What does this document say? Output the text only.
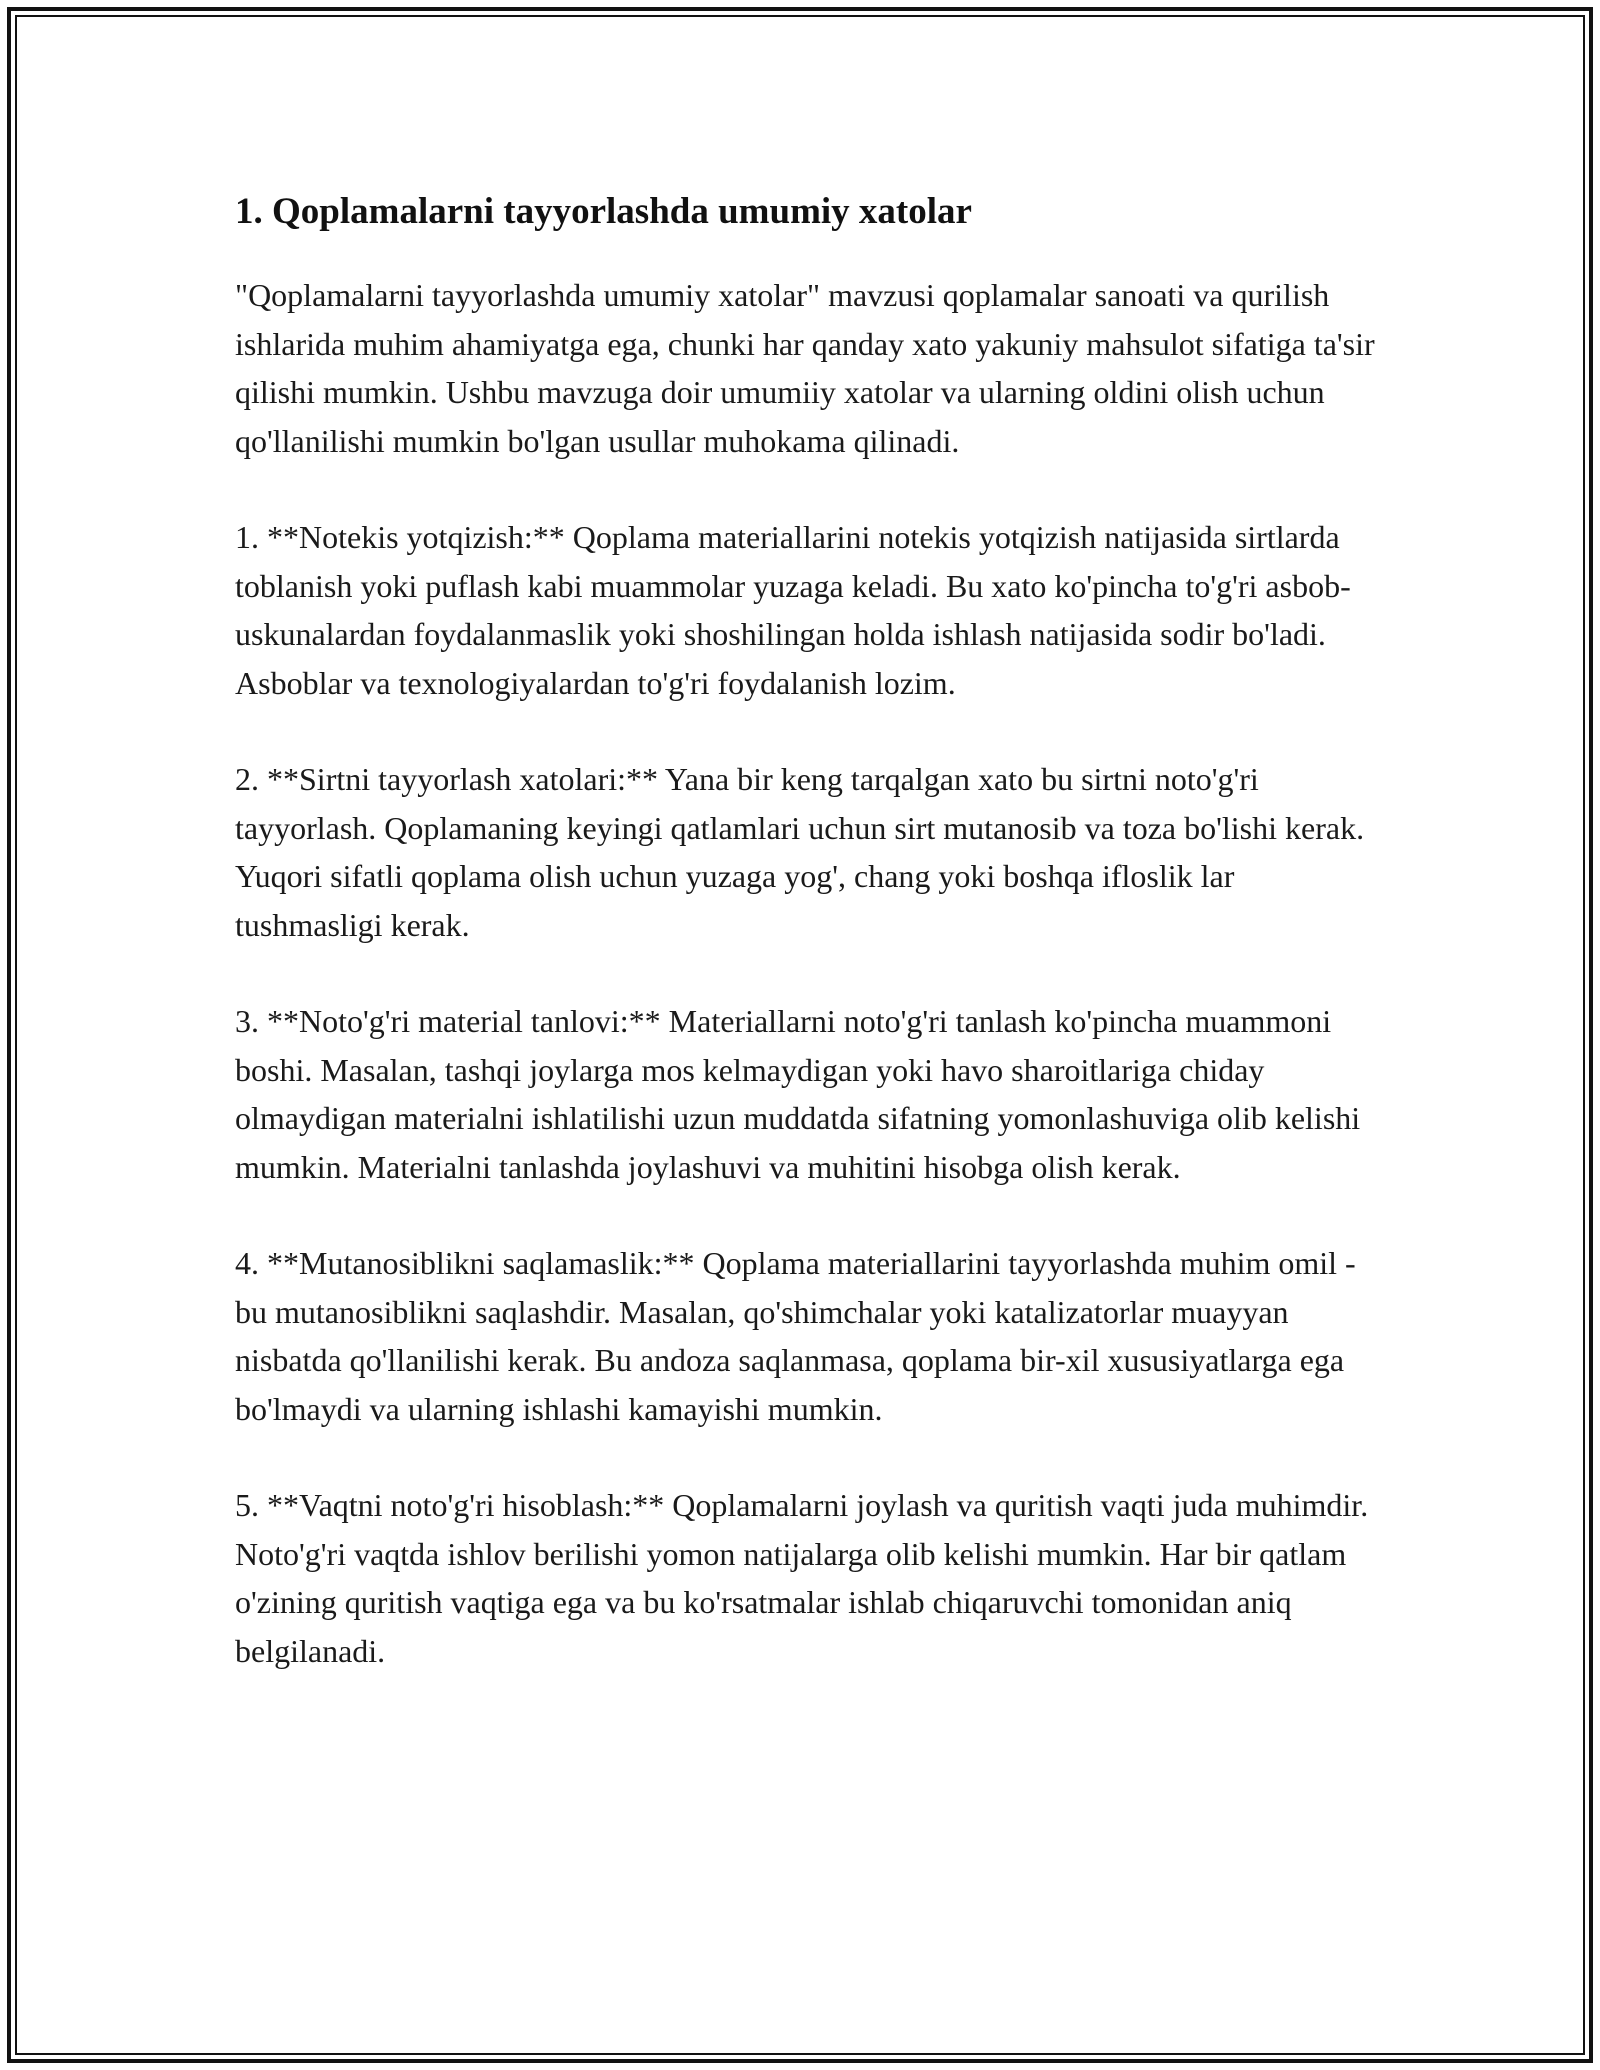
1. Qoplamalarni tayyorlashda umumiy xatolar

"Qoplamalarni tayyorlashda umumiy xatolar" mavzusi qoplamalar sanoati va qurilish ishlarida muhim ahamiyatga ega, chunki har qanday xato yakuniy mahsulot sifatiga ta'sir qilishi mumkin. Ushbu mavzuga doir umumiiy xatolar va ularning oldini olish uchun qo'llanilishi mumkin bo'lgan usullar muhokama qilinadi.

1. **Notekis yotqizish:** Qoplama materiallarini notekis yotqizish natijasida sirtlarda toblanish yoki puflash kabi muammolar yuzaga keladi. Bu xato ko'pincha to'g'ri asbob-uskunalardan foydalanmaslik yoki shoshilingan holda ishlash natijasida sodir bo'ladi. Asboblar va texnologiyalardan to'g'ri foydalanish lozim.

2. **Sirtni tayyorlash xatolari:** Yana bir keng tarqalgan xato bu sirtni noto'g'ri tayyorlash. Qoplamaning keyingi qatlamlari uchun sirt mutanosib va toza bo'lishi kerak. Yuqori sifatli qoplama olish uchun yuzaga yog', chang yoki boshqa ifloslik lar tushmasligi kerak.

3. **Noto'g'ri material tanlovi:** Materiallarni noto'g'ri tanlash ko'pincha muammoni boshi. Masalan, tashqi joylarga mos kelmaydigan yoki havo sharoitlariga chiday olmaydigan materialni ishlatilishi uzun muddatda sifatning yomonlashuviga olib kelishi mumkin. Materialni tanlashda joylashuvi va muhitini hisobga olish kerak.

4. **Mutanosiblikni saqlamaslik:** Qoplama materiallarini tayyorlashda muhim omil - bu mutanosiblikni saqlashdir. Masalan, qo'shimchalar yoki katalizatorlar muayyan nisbatda qo'llanilishi kerak. Bu andoza saqlanmasa, qoplama bir-xil xususiyatlarga ega bo'lmaydi va ularning ishlashi kamayishi mumkin.

5. **Vaqtni noto'g'ri hisoblash:** Qoplamalarni joylash va quritish vaqti juda muhimdir. Noto'g'ri vaqtda ishlov berilishi yomon natijalarga olib kelishi mumkin. Har bir qatlam o'zining quritish vaqtiga ega va bu ko'rsatmalar ishlab chiqaruvchi tomonidan aniq belgilanadi.
